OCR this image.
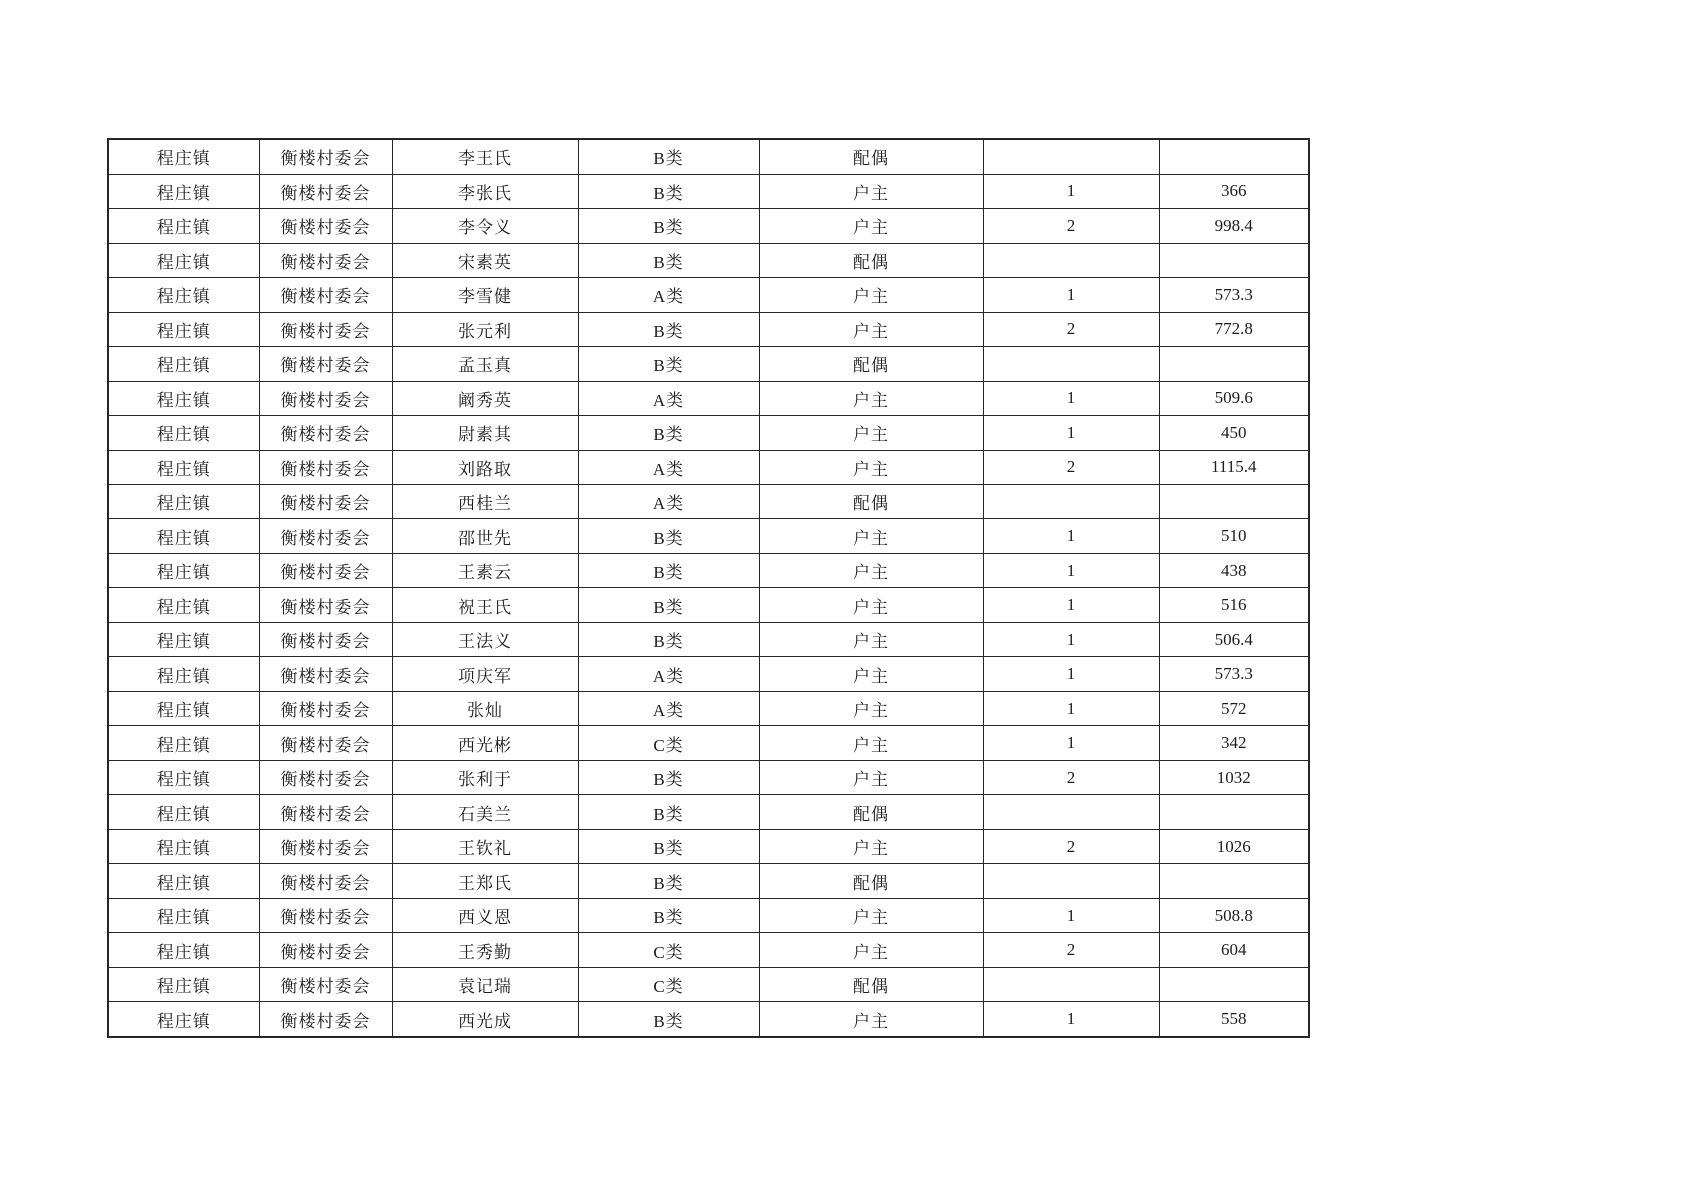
程庄镇	衡楼村委会	李王氏	B类	配偶		
程庄镇	衡楼村委会	李张氏	B类	户主	1	366
程庄镇	衡楼村委会	李令义	B类	户主	2	998.4
程庄镇	衡楼村委会	宋素英	B类	配偶		
程庄镇	衡楼村委会	李雪健	A类	户主	1	573.3
程庄镇	衡楼村委会	张元利	B类	户主	2	772.8
程庄镇	衡楼村委会	孟玉真	B类	配偶		
程庄镇	衡楼村委会	阚秀英	A类	户主	1	509.6
程庄镇	衡楼村委会	尉素其	B类	户主	1	450
程庄镇	衡楼村委会	刘路取	A类	户主	2	1115.4
程庄镇	衡楼村委会	西桂兰	A类	配偶		
程庄镇	衡楼村委会	邵世先	B类	户主	1	510
程庄镇	衡楼村委会	王素云	B类	户主	1	438
程庄镇	衡楼村委会	祝王氏	B类	户主	1	516
程庄镇	衡楼村委会	王法义	B类	户主	1	506.4
程庄镇	衡楼村委会	项庆军	A类	户主	1	573.3
程庄镇	衡楼村委会	张灿	A类	户主	1	572
程庄镇	衡楼村委会	西光彬	C类	户主	1	342
程庄镇	衡楼村委会	张利于	B类	户主	2	1032
程庄镇	衡楼村委会	石美兰	B类	配偶		
程庄镇	衡楼村委会	王钦礼	B类	户主	2	1026
程庄镇	衡楼村委会	王郑氏	B类	配偶		
程庄镇	衡楼村委会	西义恩	B类	户主	1	508.8
程庄镇	衡楼村委会	王秀勤	C类	户主	2	604
程庄镇	衡楼村委会	袁记瑞	C类	配偶		
程庄镇	衡楼村委会	西光成	B类	户主	1	558
